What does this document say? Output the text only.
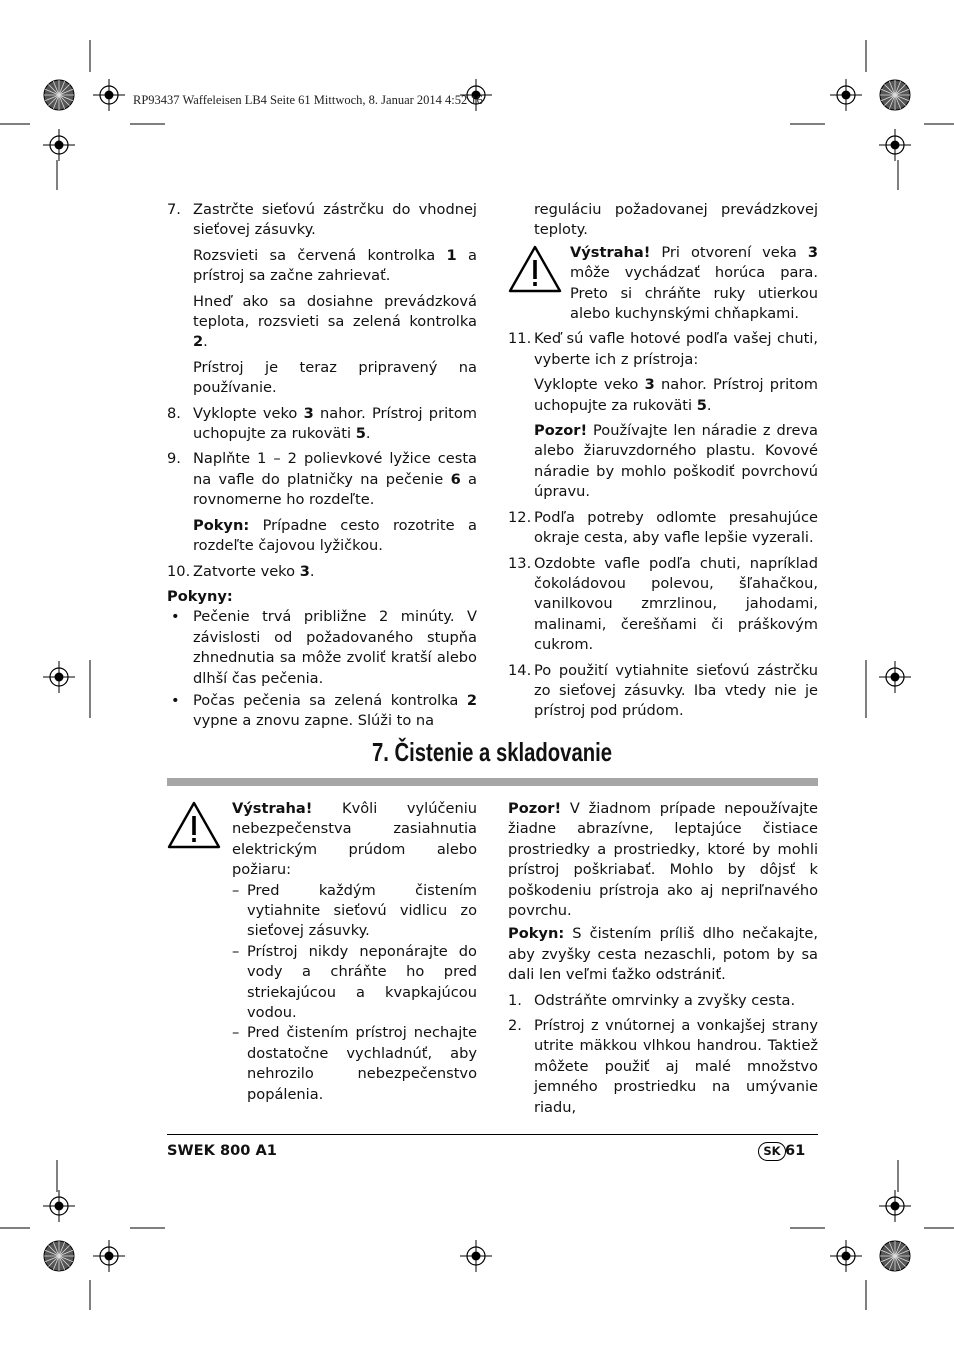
RP93437 Waffeleisen LB4 Seite 61 Mittwoch, 8. Januar 2014 4:52 16

7. Zastrčte sieťovú zástrčku do vhodnej sieťovej zásuvky.

Rozsvieti sa červená kontrolka 1 a prístroj sa začne zahrievať.

Hneď ako sa dosiahne prevádzková teplota, rozsvieti sa zelená kontrolka 2.

Prístroj je teraz pripravený na používanie.

8. Vyklopte veko 3 nahor. Prístroj pritom uchopujte za rukoväti 5.

9. Naplňte 1 – 2 polievkové lyžice cesta na vafle do platničky na pečenie 6 a rovnomerne ho rozdeľte.

Pokyn: Prípadne cesto rozotrite a rozdeľte čajovou lyžičkou.

10. Zatvorte veko 3.

Pokyny:

• Pečenie trvá približne 2 minúty. V závislosti od požadovaného stupňa zhnednutia sa môže zvoliť kratší alebo dlhší čas pečenia.

• Počas pečenia sa zelená kontrolka 2 vypne a znovu zapne. Slúži to na

reguláciu požadovanej prevádzkovej teploty.

Výstraha! Pri otvorení veka 3 môže vychádzať horúca para. Preto si chráňte ruky utierkou alebo kuchynskými chňapkami.

11. Keď sú vafle hotové podľa vašej chuti, vyberte ich z prístroja:

Vyklopte veko 3 nahor. Prístroj pritom uchopujte za rukoväti 5.

Pozor! Používajte len náradie z dreva alebo žiaruvzdorného plastu. Kovové náradie by mohlo poškodiť povrchovú úpravu.

12. Podľa potreby odlomte presahujúce okraje cesta, aby vafle lepšie vyzerali.

13. Ozdobte vafle podľa chuti, napríklad čokoládovou polevou, šľahačkou, vanilkovou zmrzlinou, jahodami, malinami, čerešňami či práškovým cukrom.

14. Po použití vytiahnite sieťovú zástrčku zo sieťovej zásuvky. Iba vtedy nie je prístroj pod prúdom.

7. Čistenie a skladovanie

Výstraha! Kvôli vylúčeniu nebezpečenstva zasiahnutia elektrickým prúdom alebo požiaru:

– Pred každým čistením vytiahnite sieťovú vidlicu zo sieťovej zásuvky.

– Prístroj nikdy neponárajte do vody a chráňte ho pred striekajúcou a kvapkajúcou vodou.

– Pred čistením prístroj nechajte dostatočne vychladnúť, aby nehrozilo nebezpečenstvo popálenia.

Pozor! V žiadnom prípade nepoužívajte žiadne abrazívne, leptajúce čistiace prostriedky a prostriedky, ktoré by mohli prístroj poškriabať. Mohlo by dôjsť k poškodeniu prístroja ako aj nepriľnavého povrchu.

Pokyn: S čistením príliš dlho nečakajte, aby zvyšky cesta nezaschli, potom by sa dali len veľmi ťažko odstrániť.

1. Odstráňte omrvinky a zvyšky cesta.

2. Prístroj z vnútornej a vonkajšej strany utrite mäkkou vlhkou handrou. Taktiež môžete použiť aj malé množstvo jemného prostriedku na umývanie riadu,

SWEK 800 A1	SK 61
